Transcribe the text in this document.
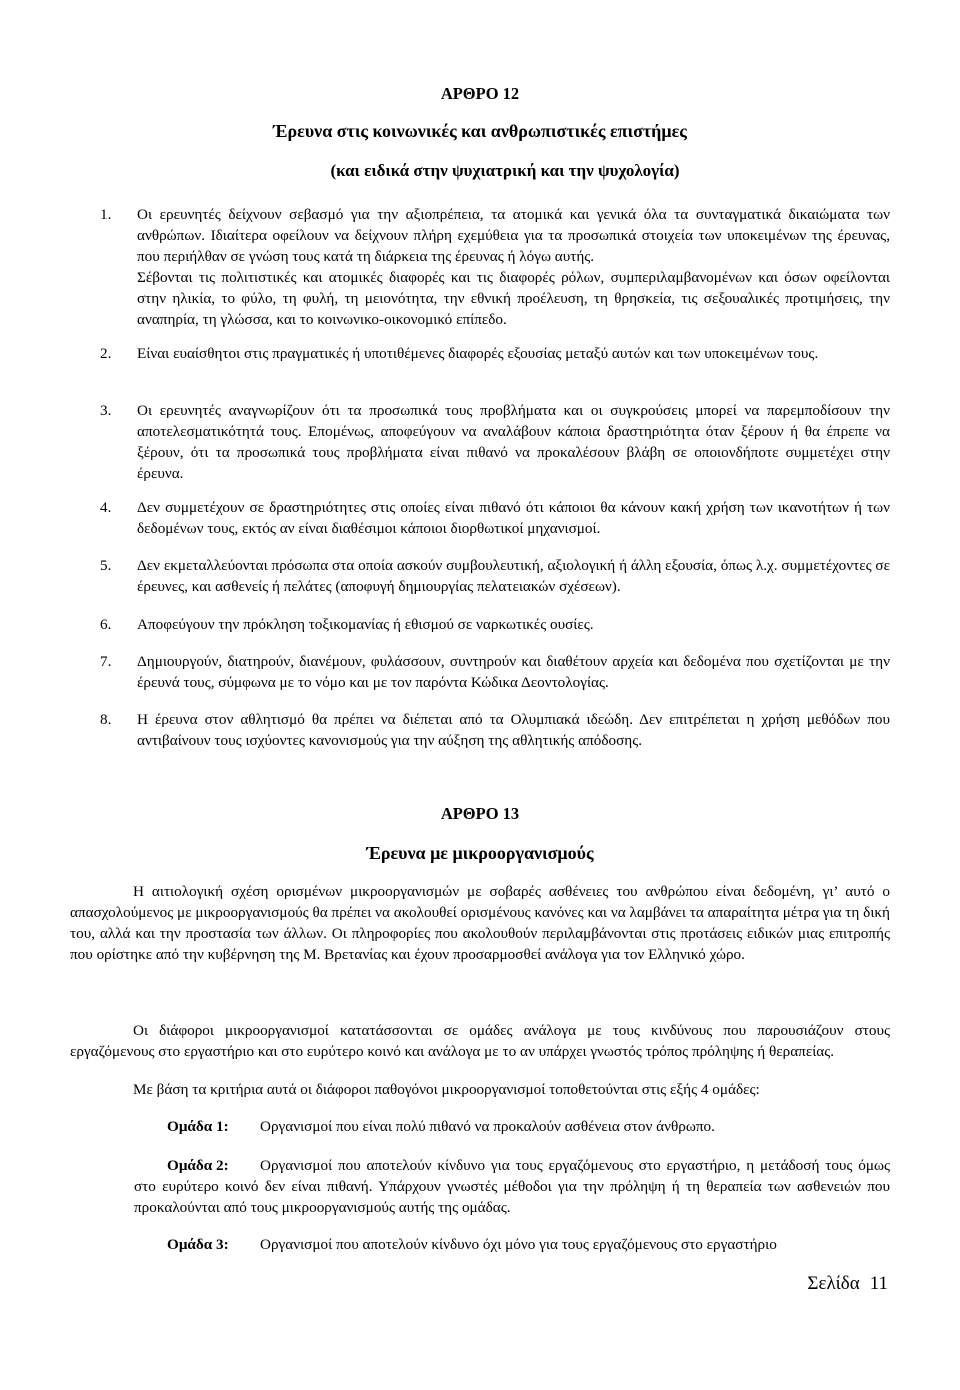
ΑΡΘΡΟ 12
Έρευνα στις κοινωνικές και ανθρωπιστικές επιστήμες
(και ειδικά στην ψυχιατρική και την ψυχολογία)
1. Οι ερευνητές δείχνουν σεβασμό για την αξιοπρέπεια, τα ατομικά και γενικά όλα τα συνταγματικά δικαιώματα των ανθρώπων. Ιδιαίτερα οφείλουν να δείχνουν πλήρη εχεμύθεια για τα προσωπικά στοιχεία των υποκειμένων της έρευνας, που περιήλθαν σε γνώση τους κατά τη διάρκεια της έρευνας ή λόγω αυτής.

Σέβονται τις πολιτιστικές και ατομικές διαφορές και τις διαφορές ρόλων, συμπεριλαμβανομένων και όσων οφείλονται στην ηλικία, το φύλο, τη φυλή, τη μειονότητα, την εθνική προέλευση, τη θρησκεία, τις σεξουαλικές προτιμήσεις, την αναπηρία, τη γλώσσα, και το κοινωνικο-οικονομικό επίπεδο.

2. Είναι ευαίσθητοι στις πραγματικές ή υποτιθέμενες διαφορές εξουσίας μεταξύ αυτών και των υποκειμένων τους.

3. Οι ερευνητές αναγνωρίζουν ότι τα προσωπικά τους προβλήματα και οι συγκρούσεις μπορεί να παρεμποδίσουν την αποτελεσματικότητά τους. Επομένως, αποφεύγουν να αναλάβουν κάποια δραστηριότητα όταν ξέρουν ή θα έπρεπε να ξέρουν, ότι τα προσωπικά τους προβλήματα είναι πιθανό να προκαλέσουν βλάβη σε οποιονδήποτε συμμετέχει στην έρευνα.

4. Δεν συμμετέχουν σε δραστηριότητες στις οποίες είναι πιθανό ότι κάποιοι θα κάνουν κακή χρήση των ικανοτήτων ή των δεδομένων τους, εκτός αν είναι διαθέσιμοι κάποιοι διορθωτικοί μηχανισμοί.

5. Δεν εκμεταλλεύονται πρόσωπα στα οποία ασκούν συμβουλευτική, αξιολογική ή άλλη εξουσία, όπως λ.χ. συμμετέχοντες σε έρευνες, και ασθενείς ή πελάτες (αποφυγή δημιουργίας πελατειακών σχέσεων).

6. Αποφεύγουν την πρόκληση τοξικομανίας ή εθισμού σε ναρκωτικές ουσίες.

7. Δημιουργούν, διατηρούν, διανέμουν, φυλάσσουν, συντηρούν και διαθέτουν αρχεία και δεδομένα που σχετίζονται με την έρευνά τους, σύμφωνα με το νόμο και με τον παρόντα Κώδικα Δεοντολογίας.

8. Η έρευνα στον αθλητισμό θα πρέπει να διέπεται από τα Ολυμπιακά ιδεώδη. Δεν επιτρέπεται η χρήση μεθόδων που αντιβαίνουν τους ισχύοντες κανονισμούς για την αύξηση της αθλητικής απόδοσης.

ΑΡΘΡΟ 13
Έρευνα με μικροοργανισμούς

Η αιτιολογική σχέση ορισμένων μικροοργανισμών με σοβαρές ασθένειες του ανθρώπου είναι δεδομένη, γι’ αυτό ο απασχολούμενος με μικροοργανισμούς θα πρέπει να ακολουθεί ορισμένους κανόνες και να λαμβάνει τα απαραίτητα μέτρα για τη δική του, αλλά και την προστασία των άλλων. Οι πληροφορίες που ακολουθούν περιλαμβάνονται στις προτάσεις ειδικών μιας επιτροπής που ορίστηκε από την κυβέρνηση της Μ. Βρετανίας και έχουν προσαρμοσθεί ανάλογα για τον Ελληνικό χώρο.

Οι διάφοροι μικροοργανισμοί κατατάσσονται σε ομάδες ανάλογα με τους κινδύνους που παρουσιάζουν στους εργαζόμενους στο εργαστήριο και στο ευρύτερο κοινό και ανάλογα με το αν υπάρχει γνωστός τρόπος πρόληψης ή θεραπείας.

Με βάση τα κριτήρια αυτά οι διάφοροι παθογόνοι μικροοργανισμοί τοποθετούνται στις εξής 4 ομάδες:

Ομάδα 1:	Οργανισμοί που είναι πολύ πιθανό να προκαλούν ασθένεια στον άνθρωπο.

Ομάδα 2:	Οργανισμοί που αποτελούν κίνδυνο για τους εργαζόμενους στο εργαστήριο, η μετάδοσή τους όμως στο ευρύτερο κοινό δεν είναι πιθανή. Υπάρχουν γνωστές μέθοδοι για την πρόληψη ή τη θεραπεία των ασθενειών που προκαλούνται από τους μικροοργανισμούς αυτής της ομάδας.

Ομάδα 3:	Οργανισμοί που αποτελούν κίνδυνο όχι μόνο για τους εργαζόμενους στο εργαστήριο

Σελίδα 11
